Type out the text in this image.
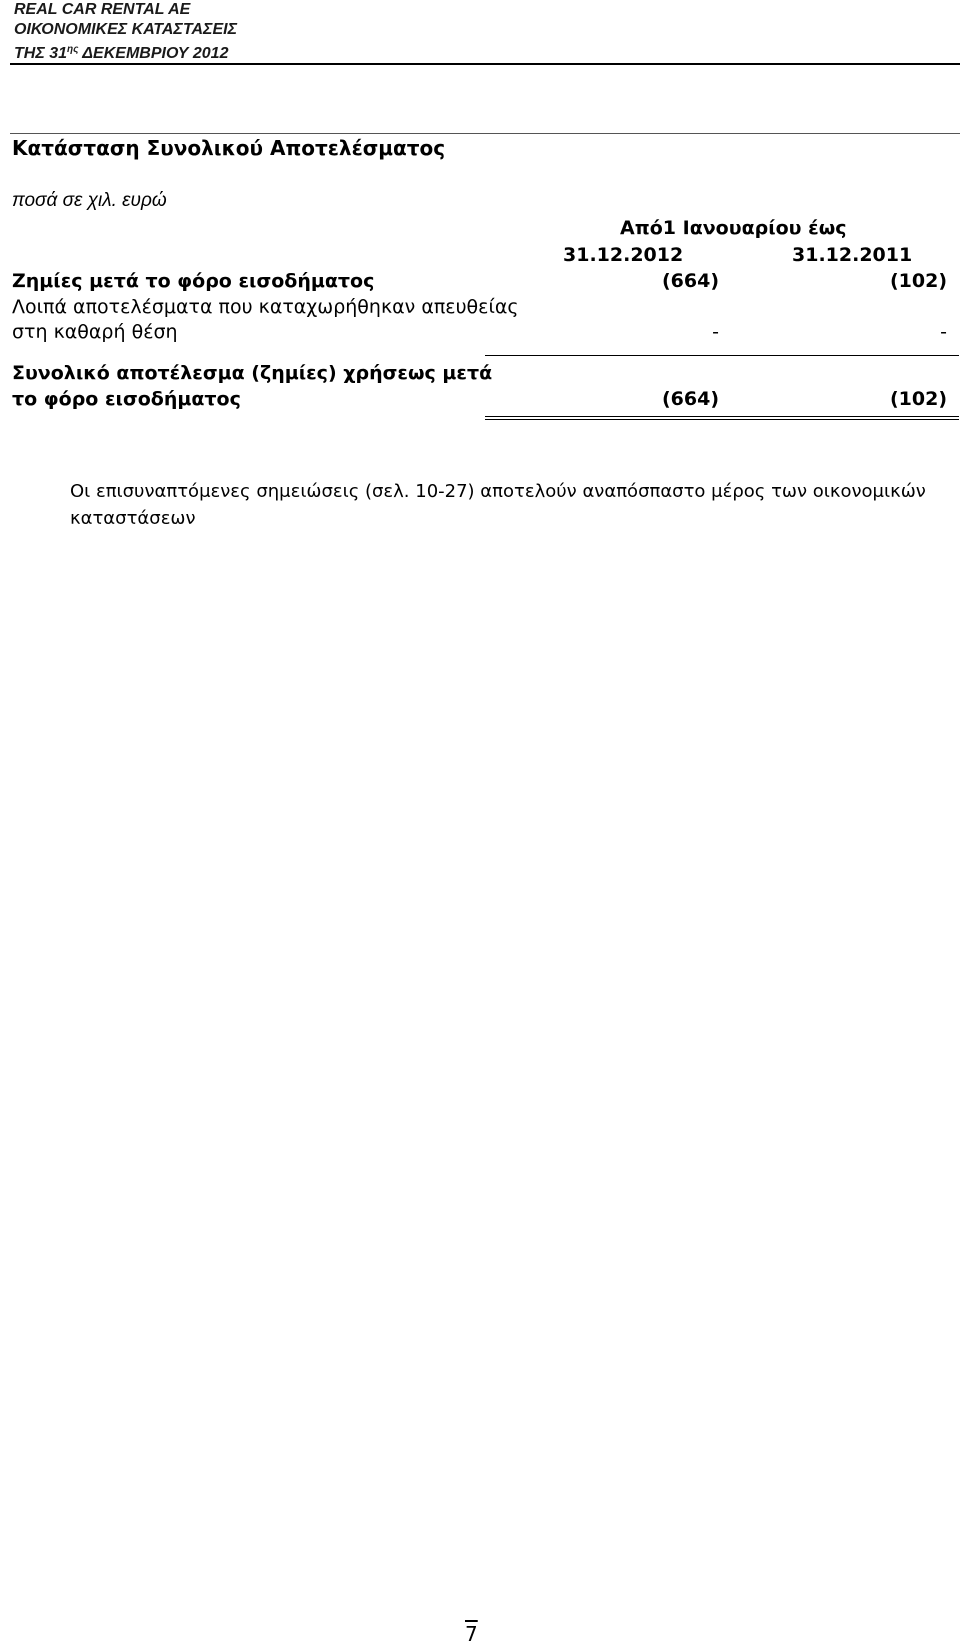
REAL CAR RENTAL AE
ΟΙΚΟΝΟΜΙΚΕΣ ΚΑΤΑΣΤΑΣΕΙΣ
ΤΗΣ $31^{\eta\varsigma}$ ΔΕΚΕΜΒΡΙΟΥ 2012
Κατάσταση Συνολικού Αποτελέσματος
ποσά σε χιλ. ευρώ
Από1 Ιανουαρίου έως
31.12.2012	31.12.2011
Ζημίες μετά το φόρο εισοδήματος	(664)	(102)
Λοιπά αποτελέσματα που καταχωρήθηκαν απευθείας
στη καθαρή θέση	-	-
Συνολικό αποτέλεσμα (ζημίες) χρήσεως μετά
το φόρο εισοδήματος	(664)	(102)
Οι επισυναπτόμενες σημειώσεις (σελ. 10-27) αποτελούν αναπόσπαστο μέρος των οικονομικών καταστάσεων
7
